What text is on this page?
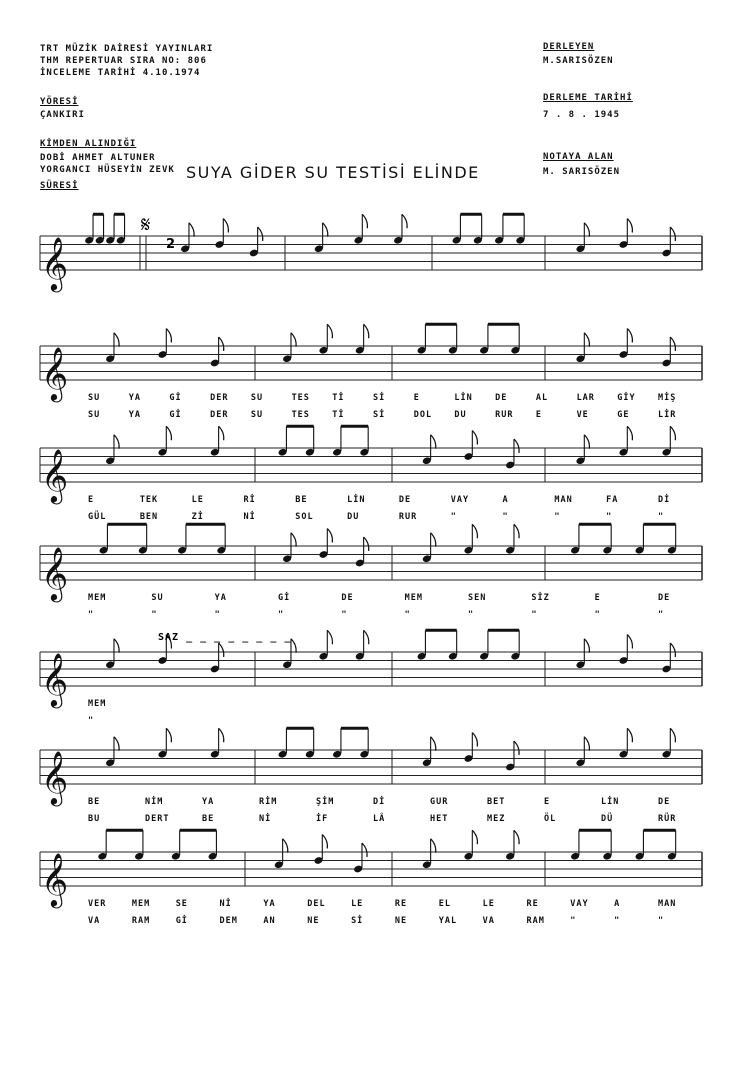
TRT MÜZİK DAİRESİ YAYINLARI
THM REPERTUAR SIRA NO: 806
İNCELEME TARİHİ 4.10.1974
YÖRESİ
ÇANKIRI
KİMDEN ALINDIĞI
DOBİ AHMET ALTUNER
YORGANCI HÜSEYİN ZEVK
SÜRESİ
DERLEYEN
M.SARISÖZEN
DERLEME TARİHİ
7 . 8 . 1945
NOTAYA ALAN
M. SARISÖZEN
SUYA GİDER SU TESTİSİ ELİNDE
𝄞
𝄞
𝄞
𝄞
𝄞
𝄞
𝄞
2
𝄋
SAZ _ _ _ _ _ _ _ _
SU	YA	Gİ	DER	SU	TES	Tİ	Sİ	E	LİN	DE	AL	LAR	GİY	MİŞ
SU	YA	Gİ	DER	SU	TES	Tİ	Sİ	DOL	DU	RUR	E	VE	GE	LİR
E	TEK	LE	Rİ	BE	LİN	DE	VAY	A	MAN	FA	Dİ
GÜL	BEN	Zİ	Nİ	SOL	DU	RUR	"	"	"	"	"
MEM	SU	YA	Gİ	DE	MEM	SEN	SİZ	E	DE
"	"	"	"	"	"	"	"	"	"
MEM
"
BE	NİM	YA	RİM	ŞİM	Dİ	GUR	BET	E	LİN	DE
BU	DERT	BE	Nİ	İF	LÂ	HET	MEZ	ÖL	DÜ	RÜR
VER	MEM	SE	Nİ	YA	DEL	LE	RE	EL	LE	RE	VAY	A	MAN
VA	RAM	Gİ	DEM	AN	NE	Sİ	NE	YAL	VA	RAM	"	"	"
